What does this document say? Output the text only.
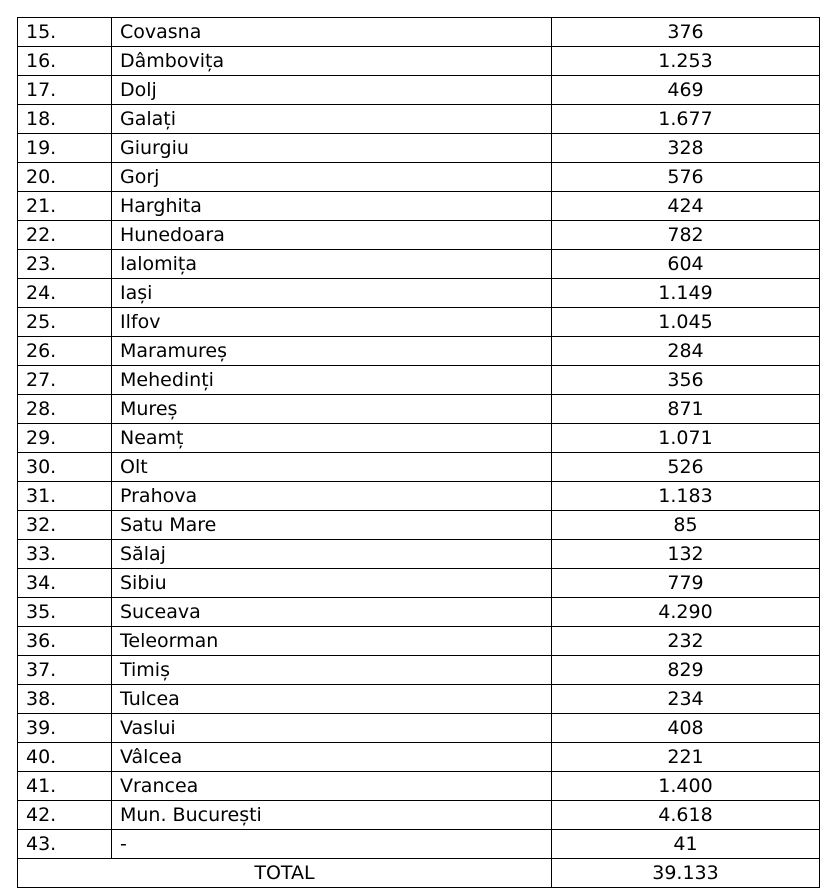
15.	Covasna	376
16.	Dâmbovița	1.253
17.	Dolj	469
18.	Galați	1.677
19.	Giurgiu	328
20.	Gorj	576
21.	Harghita	424
22.	Hunedoara	782
23.	Ialomița	604
24.	Iași	1.149
25.	Ilfov	1.045
26.	Maramureș	284
27.	Mehedinți	356
28.	Mureș	871
29.	Neamț	1.071
30.	Olt	526
31.	Prahova	1.183
32.	Satu Mare	85
33.	Sălaj	132
34.	Sibiu	779
35.	Suceava	4.290
36.	Teleorman	232
37.	Timiș	829
38.	Tulcea	234
39.	Vaslui	408
40.	Vâlcea	221
41.	Vrancea	1.400
42.	Mun. București	4.618
43.	-	41
TOTAL		39.133
